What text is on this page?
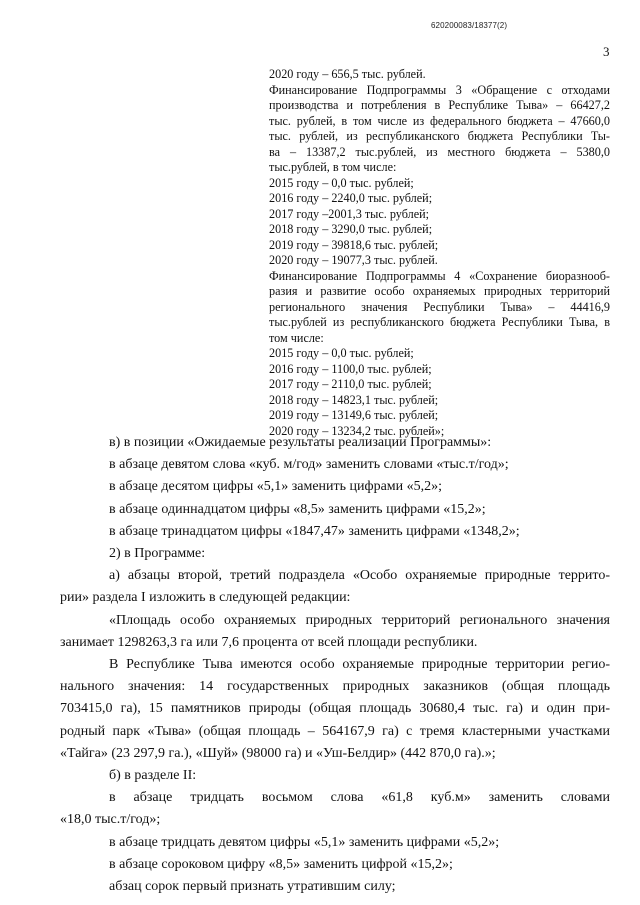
620200083/18377(2)
3
2020 году – 656,5 тыс. рублей.
Финансирование Подпрограммы 3 «Обращение с отходами
производства и потребления в Республике Тыва» – 66427,2
тыс. рублей, в том числе из федерального бюджета – 47660,0
тыс. рублей, из республиканского бюджета Республики Ты-
ва – 13387,2 тыс.рублей, из местного бюджета – 5380,0
тыс.рублей, в том числе:
2015 году – 0,0 тыс. рублей;
2016 году – 2240,0 тыс. рублей;
2017 году –2001,3 тыс. рублей;
2018 году – 3290,0 тыс. рублей;
2019 году – 39818,6 тыс. рублей;
2020 году – 19077,3 тыс. рублей.
Финансирование Подпрограммы 4 «Сохранение биоразнооб-
разия и развитие особо охраняемых природных территорий
регионального значения Республики Тыва» – 44416,9
тыс.рублей из республиканского бюджета Республики Тыва, в
том числе:
2015 году – 0,0 тыс. рублей;
2016 году – 1100,0 тыс. рублей;
2017 году – 2110,0 тыс. рублей;
2018 году – 14823,1 тыс. рублей;
2019 году – 13149,6 тыс. рублей;
2020 году – 13234,2 тыс. рублей»;
в) в позиции «Ожидаемые результаты реализации Программы»:
в абзаце девятом слова «куб. м/год» заменить словами «тыс.т/год»;
в абзаце десятом цифры «5,1» заменить цифрами «5,2»;
в абзаце одиннадцатом цифры «8,5» заменить цифрами «15,2»;
в абзаце тринадцатом цифры «1847,47» заменить цифрами «1348,2»;
2) в Программе:
а) абзацы второй, третий подраздела «Особо охраняемые природные террито-
рии» раздела I изложить в следующей редакции:
«Площадь особо охраняемых природных территорий регионального значения
занимает 1298263,3 га или 7,6 процента от всей площади республики.
В Республике Тыва имеются особо охраняемые природные территории регио-
нального значения: 14 государственных природных заказников (общая площадь
703415,0 га), 15 памятников природы (общая площадь 30680,4 тыс. га) и один при-
родный парк «Тыва» (общая площадь – 564167,9 га) с тремя кластерными участками
«Тайга» (23 297,9 га.), «Шуй» (98000 га) и «Уш-Белдир» (442 870,0 га).»;
б) в разделе II:
в абзаце тридцать восьмом слова «61,8 куб.м» заменить словами
«18,0 тыс.т/год»;
в абзаце тридцать девятом цифры «5,1» заменить цифрами «5,2»;
в абзаце сороковом цифру «8,5» заменить цифрой «15,2»;
абзац сорок первый признать утратившим силу;
